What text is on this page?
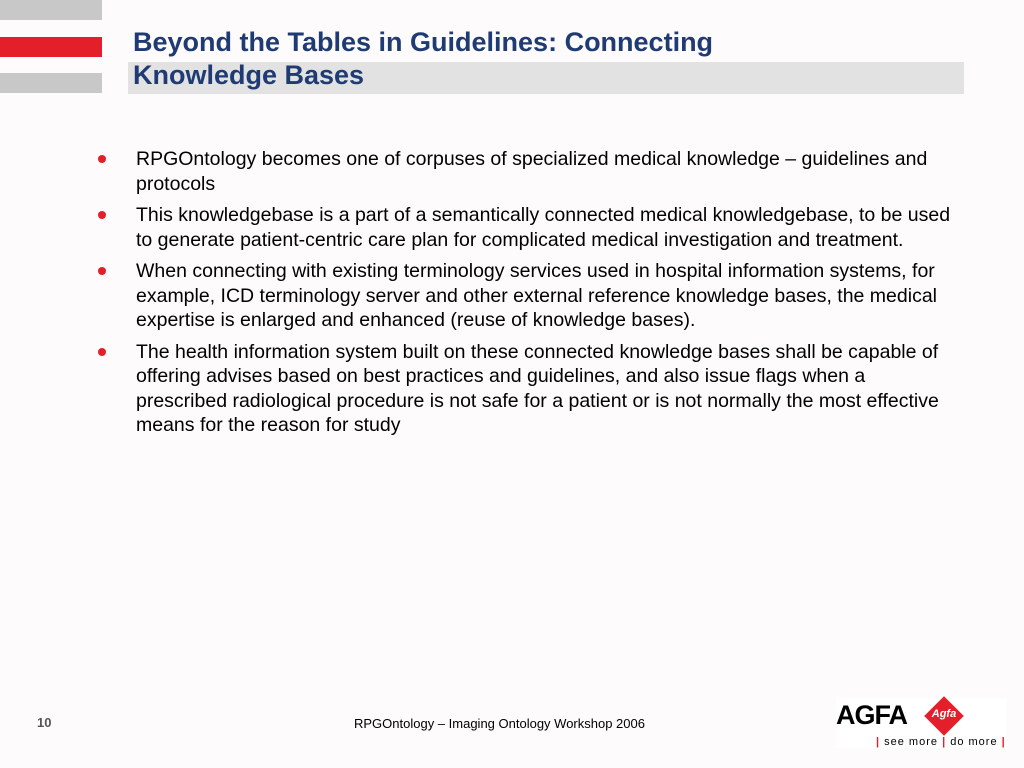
Beyond the Tables in Guidelines: Connecting
Knowledge Bases
RPGOntology becomes one of corpuses of specialized medical knowledge – guidelines and protocols
This knowledgebase is a part of a semantically connected medical knowledgebase, to be used to generate patient-centric care plan for complicated medical investigation and treatment.
When connecting with existing terminology services used in hospital information systems, for example, ICD terminology server and other external reference knowledge bases, the medical expertise is enlarged and enhanced (reuse of knowledge bases).
The health information system built on these connected knowledge bases shall be capable of offering advises based on best practices and guidelines, and also issue flags when a prescribed radiological procedure is not safe for a patient or is not normally the most effective means for the reason for study
10	RPGOntology – Imaging Ontology Workshop 2006	AGFA	Agfa
| see more | do more |
